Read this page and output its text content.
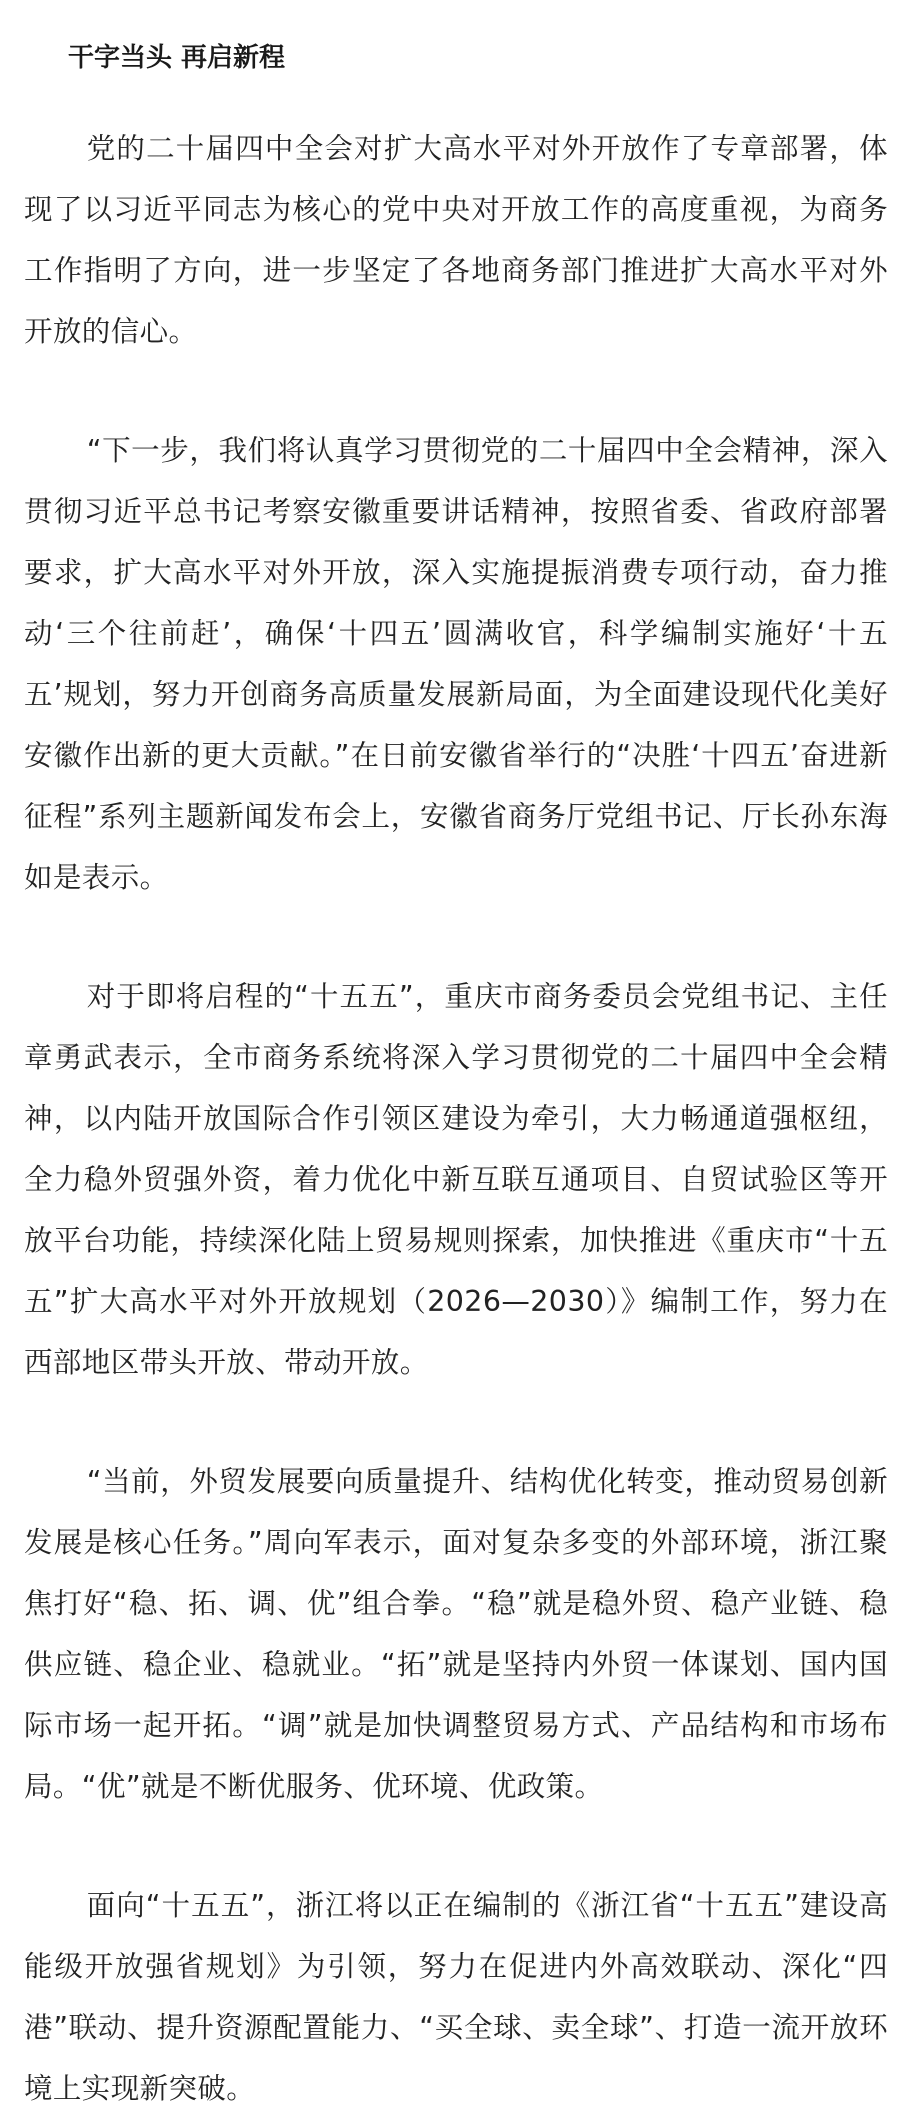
干字当头 再启新程

党的二十届四中全会对扩大高水平对外开放作了专章部署，体现了以习近平同志为核心的党中央对开放工作的高度重视，为商务工作指明了方向，进一步坚定了各地商务部门推进扩大高水平对外开放的信心。

“下一步，我们将认真学习贯彻党的二十届四中全会精神，深入贯彻习近平总书记考察安徽重要讲话精神，按照省委、省政府部署要求，扩大高水平对外开放，深入实施提振消费专项行动，奋力推动‘三个往前赶’，确保‘十四五’圆满收官，科学编制实施好‘十五五’规划，努力开创商务高质量发展新局面，为全面建设现代化美好安徽作出新的更大贡献。”在日前安徽省举行的“决胜‘十四五’奋进新征程”系列主题新闻发布会上，安徽省商务厅党组书记、厅长孙东海如是表示。

对于即将启程的“十五五”，重庆市商务委员会党组书记、主任章勇武表示，全市商务系统将深入学习贯彻党的二十届四中全会精神，以内陆开放国际合作引领区建设为牵引，大力畅通道强枢纽，全力稳外贸强外资，着力优化中新互联互通项目、自贸试验区等开放平台功能，持续深化陆上贸易规则探索，加快推进《重庆市“十五五”扩大高水平对外开放规划（2026—2030）》编制工作，努力在西部地区带头开放、带动开放。

“当前，外贸发展要向质量提升、结构优化转变，推动贸易创新发展是核心任务。”周向军表示，面对复杂多变的外部环境，浙江聚焦打好“稳、拓、调、优”组合拳。“稳”就是稳外贸、稳产业链、稳供应链、稳企业、稳就业。“拓”就是坚持内外贸一体谋划、国内国际市场一起开拓。“调”就是加快调整贸易方式、产品结构和市场布局。“优”就是不断优服务、优环境、优政策。

面向“十五五”，浙江将以正在编制的《浙江省“十五五”建设高能级开放强省规划》为引领，努力在促进内外高效联动、深化“四港”联动、提升资源配置能力、“买全球、卖全球”、打造一流开放环境上实现新突破。
